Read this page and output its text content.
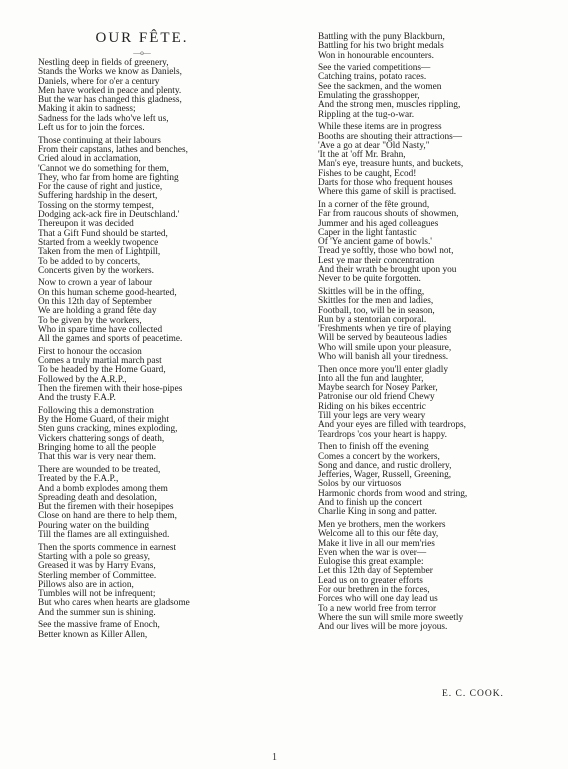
OUR FÊTE.
—o—
Nestling deep in fields of greenery,
Stands the Works we know as Daniels,
Daniels, where for o'er a century
Men have worked in peace and plenty.
But the war has changed this gladness,
Making it akin to sadness;
Sadness for the lads who've left us,
Left us for to join the forces.
Those continuing at their labours
From their capstans, lathes and benches,
Cried aloud in acclamation,
'Cannot we do something for them,
They, who far from home are fighting
For the cause of right and justice,
Suffering hardship in the desert,
Tossing on the stormy tempest,
Dodging ack-ack fire in Deutschland.'
Thereupon it was decided
That a Gift Fund should be started,
Started from a weekly twopence
Taken from the men of Lightpill,
To be added to by concerts,
Concerts given by the workers.
Now to crown a year of labour
On this human scheme good-hearted,
On this 12th day of September
We are holding a grand fête day
To be given by the workers,
Who in spare time have collected
All the games and sports of peacetime.
First to honour the occasion
Comes a truly martial march past
To be headed by the Home Guard,
Followed by the A.R.P.,
Then the firemen with their hose-pipes
And the trusty F.A.P.
Following this a demonstration
By the Home Guard, of their might
Sten guns cracking, mines exploding,
Vickers chattering songs of death,
Bringing home to all the people
That this war is very near them.
There are wounded to be treated,
Treated by the F.A.P.,
And a bomb explodes among them
Spreading death and desolation,
But the firemen with their hosepipes
Close on hand are there to help them,
Pouring water on the building
Till the flames are all extinguished.
Then the sports commence in earnest
Starting with a pole so greasy,
Greased it was by Harry Evans,
Sterling member of Committee.
Pillows also are in action,
Tumbles will not be infrequent;
But who cares when hearts are gladsome
And the summer sun is shining.
See the massive frame of Enoch,
Better known as Killer Allen,
Battling with the puny Blackburn,
Battling for his two bright medals
Won in honourable encounters.
See the varied competitions—
Catching trains, potato races.
See the sackmen, and the women
Emulating the grasshopper,
And the strong men, muscles rippling,
Rippling at the tug-o-war.
While these items are in progress
Booths are shouting their attractions—
'Ave a go at dear "Old Nasty,"
'It the at 'off Mr. Brahn,
Man's eye, treasure hunts, and buckets,
Fishes to be caught, Ecod!
Darts for those who frequent houses
Where this game of skill is practised.
In a corner of the fête ground,
Far from raucous shouts of showmen,
Jummer and his aged colleagues
Caper in the light fantastic
Of 'Ye ancient game of bowls.'
Tread ye softly, those who bowl not,
Lest ye mar their concentration
And their wrath be brought upon you
Never to be quite forgotten.
Skittles will be in the offing,
Skittles for the men and ladies,
Football, too, will be in season,
Run by a stentorian corporal.
'Freshments when ye tire of playing
Will be served by beauteous ladies
Who will smile upon your pleasure,
Who will banish all your tiredness.
Then once more you'll enter gladly
Into all the fun and laughter,
Maybe search for Nosey Parker,
Patronise our old friend Chewy
Riding on his bikes eccentric
Till your legs are very weary
And your eyes are filled with teardrops,
Teardrops 'cos your heart is happy.
Then to finish off the evening
Comes a concert by the workers,
Song and dance, and rustic drollery,
Jefferies, Wager, Russell, Greening,
Solos by our virtuosos
Harmonic chords from wood and string,
And to finish up the concert
Charlie King in song and patter.
Men ye brothers, men the workers
Welcome all to this our fête day,
Make it live in all our mem'ries
Even when the war is over—
Eulogise this great example:
Let this 12th day of September
Lead us on to greater efforts
For our brethren in the forces,
Forces who will one day lead us
To a new world free from terror
Where the sun will smile more sweetly
And our lives will be more joyous.
E. C. COOK.
1
